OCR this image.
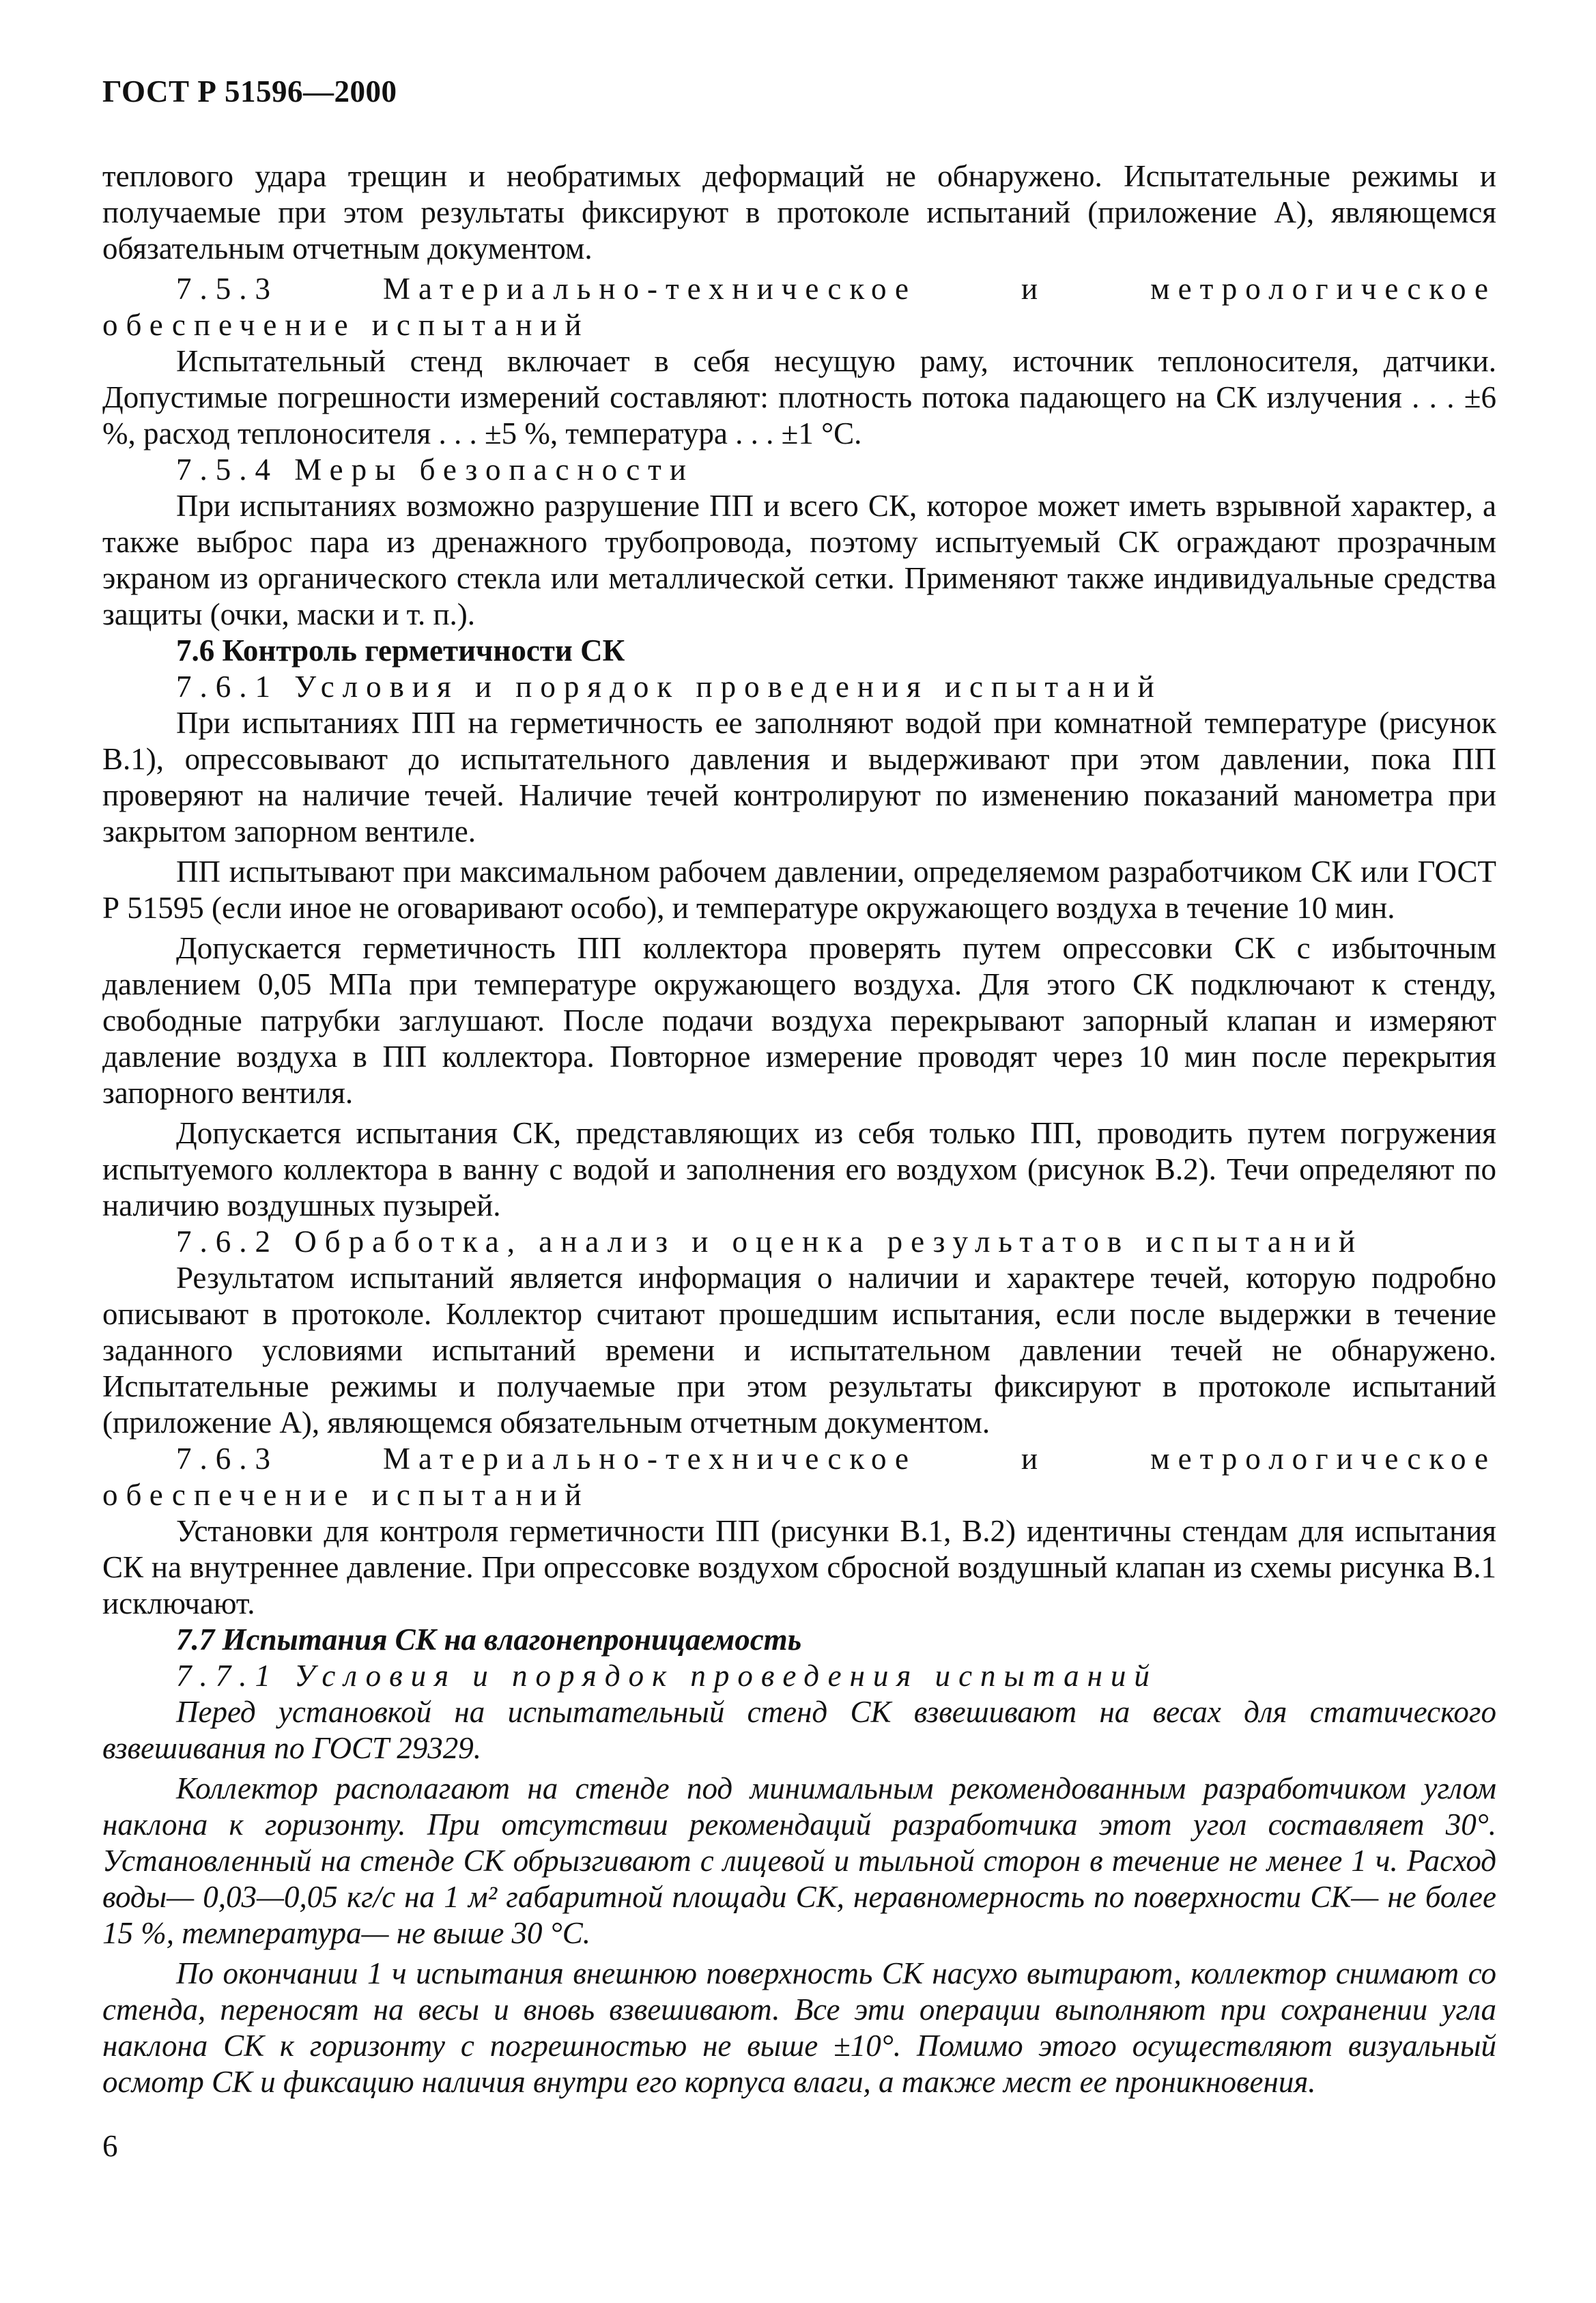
ГОСТ Р 51596—2000

теплового удара трещин и необратимых деформаций не обнаружено. Испытательные режимы и получаемые при этом результаты фиксируют в протоколе испытаний (приложение А), являющемся обязательным отчетным документом.

7.5.3 Материально-техническое и метрологическое обеспечение испытаний

Испытательный стенд включает в себя несущую раму, источник теплоносителя, датчики. Допустимые погрешности измерений составляют: плотность потока падающего на СК излучения . . . ±6 %, расход теплоносителя . . . ±5 %, температура . . . ±1 °С.

7.5.4 Меры безопасности

При испытаниях возможно разрушение ПП и всего СК, которое может иметь взрывной характер, а также выброс пара из дренажного трубопровода, поэтому испытуемый СК ограждают прозрачным экраном из органического стекла или металлической сетки. Применяют также индивидуальные средства защиты (очки, маски и т. п.).

7.6 Контроль герметичности СК

7.6.1 Условия и порядок проведения испытаний

При испытаниях ПП на герметичность ее заполняют водой при комнатной температуре (рисунок В.1), опрессовывают до испытательного давления и выдерживают при этом давлении, пока ПП проверяют на наличие течей. Наличие течей контролируют по изменению показаний манометра при закрытом запорном вентиле.

ПП испытывают при максимальном рабочем давлении, определяемом разработчиком СК или ГОСТ Р 51595 (если иное не оговаривают особо), и температуре окружающего воздуха в течение 10 мин.

Допускается герметичность ПП коллектора проверять путем опрессовки СК с избыточным давлением 0,05 МПа при температуре окружающего воздуха. Для этого СК подключают к стенду, свободные патрубки заглушают. После подачи воздуха перекрывают запорный клапан и измеряют давление воздуха в ПП коллектора. Повторное измерение проводят через 10 мин после перекрытия запорного вентиля.

Допускается испытания СК, представляющих из себя только ПП, проводить путем погружения испытуемого коллектора в ванну с водой и заполнения его воздухом (рисунок В.2). Течи определяют по наличию воздушных пузырей.

7.6.2 Обработка, анализ и оценка результатов испытаний

Результатом испытаний является информация о наличии и характере течей, которую подробно описывают в протоколе. Коллектор считают прошедшим испытания, если после выдержки в течение заданного условиями испытаний времени и испытательном давлении течей не обнаружено. Испытательные режимы и получаемые при этом результаты фиксируют в протоколе испытаний (приложение А), являющемся обязательным отчетным документом.

7.6.3 Материально-техническое и метрологическое обеспечение испытаний

Установки для контроля герметичности ПП (рисунки В.1, В.2) идентичны стендам для испытания СК на внутреннее давление. При опрессовке воздухом сбросной воздушный клапан из схемы рисунка В.1 исключают.

7.7 Испытания СК на влагонепроницаемость

7.7.1 Условия и порядок проведения испытаний

Перед установкой на испытательный стенд СК взвешивают на весах для статического взвешивания по ГОСТ 29329.

Коллектор располагают на стенде под минимальным рекомендованным разработчиком углом наклона к горизонту. При отсутствии рекомендаций разработчика этот угол составляет 30°. Установленный на стенде СК обрызгивают с лицевой и тыльной сторон в течение не менее 1 ч. Расход воды— 0,03—0,05 кг/с на 1 м² габаритной площади СК, неравномерность по поверхности СК— не более 15 %, температура— не выше 30 °С.

По окончании 1 ч испытания внешнюю поверхность СК насухо вытирают, коллектор снимают со стенда, переносят на весы и вновь взвешивают. Все эти операции выполняют при сохранении угла наклона СК к горизонту с погрешностью не выше ±10°. Помимо этого осуществляют визуальный осмотр СК и фиксацию наличия внутри его корпуса влаги, а также мест ее проникновения.

6
